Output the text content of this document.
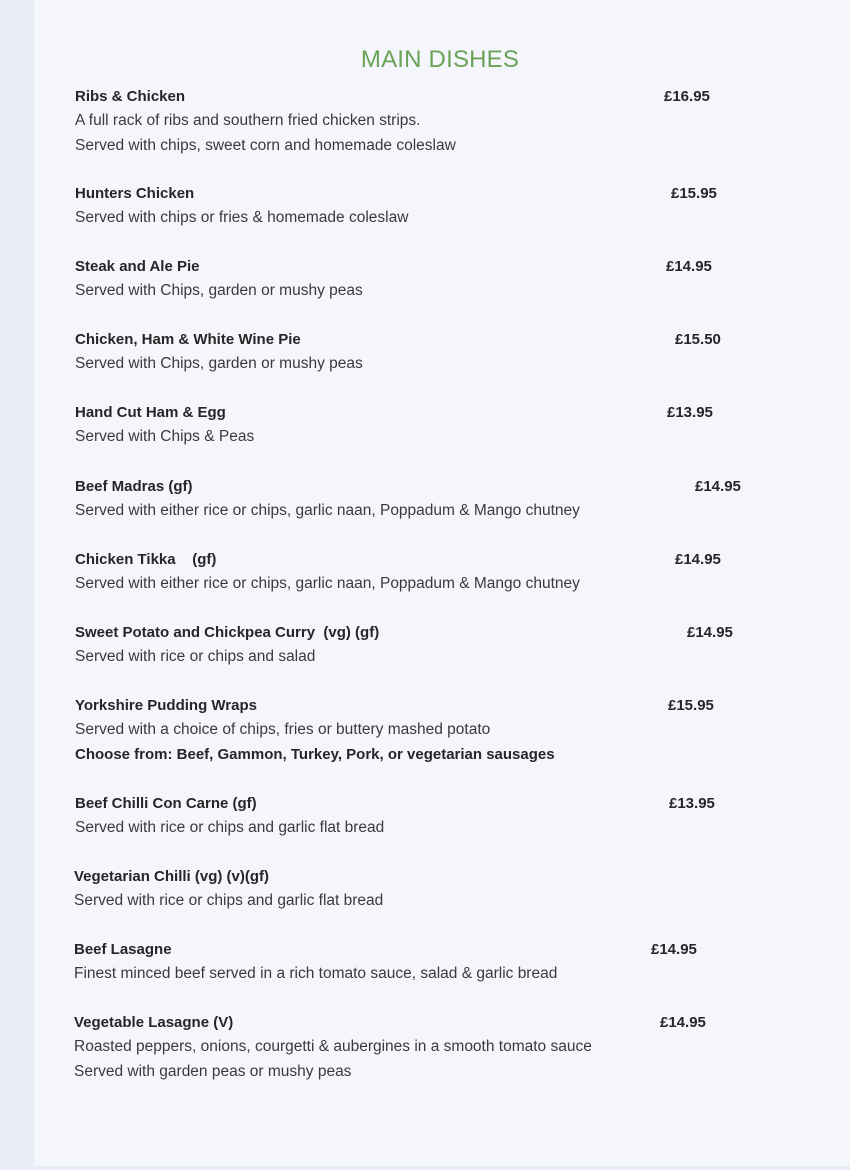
MAIN DISHES
Ribs & Chicken
A full rack of ribs and southern fried chicken strips.
Served with chips, sweet corn and homemade coleslaw
£16.95
Hunters Chicken
Served with chips or fries & homemade coleslaw
£15.95
Steak and Ale Pie
Served with Chips, garden or mushy peas
£14.95
Chicken, Ham & White Wine Pie
Served with Chips, garden or mushy peas
£15.50
Hand Cut Ham & Egg
Served with Chips & Peas
£13.95
Beef Madras (gf)
Served with either rice or chips, garlic naan, Poppadum & Mango chutney
£14.95
Chicken Tikka    (gf)
Served with either rice or chips, garlic naan, Poppadum & Mango chutney
£14.95
Sweet Potato and Chickpea Curry  (vg) (gf)
Served with rice or chips and salad
£14.95
Yorkshire Pudding Wraps
Served with a choice of chips, fries or buttery mashed potato
Choose from: Beef, Gammon, Turkey, Pork, or vegetarian sausages
£15.95
Beef Chilli Con Carne (gf)
Served with rice or chips and garlic flat bread
£13.95
Vegetarian Chilli (vg) (v)(gf)
Served with rice or chips and garlic flat bread
Beef Lasagne
Finest minced beef served in a rich tomato sauce, salad & garlic bread
£14.95
Vegetable Lasagne (V)
Roasted peppers, onions, courgetti & aubergines in a smooth tomato sauce
Served with garden peas or mushy peas
£14.95
